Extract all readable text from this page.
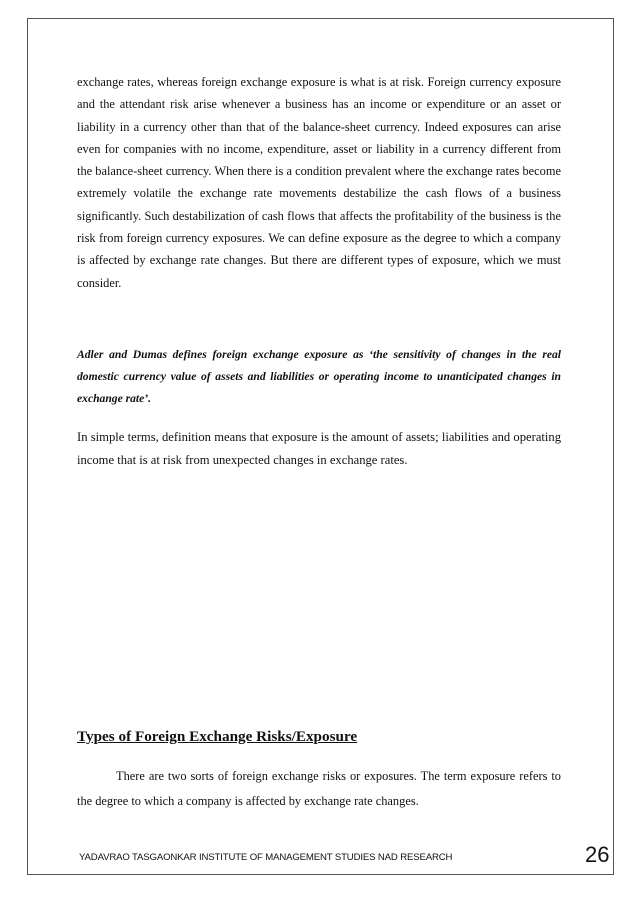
exchange rates, whereas foreign exchange exposure is what is at risk. Foreign currency exposure and the attendant risk arise whenever a business has an income or expenditure or an asset or liability in a currency other than that of the balance-sheet currency. Indeed exposures can arise even for companies with no income, expenditure, asset or liability in a currency different from the balance-sheet currency. When there is a condition prevalent where the exchange rates become extremely volatile the exchange rate movements destabilize the cash flows of a business significantly. Such destabilization of cash flows that affects the profitability of the business is the risk from foreign currency exposures. We can define exposure as the degree to which a company is affected by exchange rate changes. But there are different types of exposure, which we must consider.
Adler and Dumas defines foreign exchange exposure as ‘the sensitivity of changes in the real domestic currency value of assets and liabilities or operating income to unanticipated changes in exchange rate’.
In simple terms, definition means that exposure is the amount of assets; liabilities and operating income that is at risk from unexpected changes in exchange rates.
Types of Foreign Exchange Risks/Exposure
There are two sorts of foreign exchange risks or exposures. The term exposure refers to the degree to which a company is affected by exchange rate changes.
YADAVRAO TASGAONKAR INSTITUTE OF MANAGEMENT STUDIES NAD RESEARCH	26
